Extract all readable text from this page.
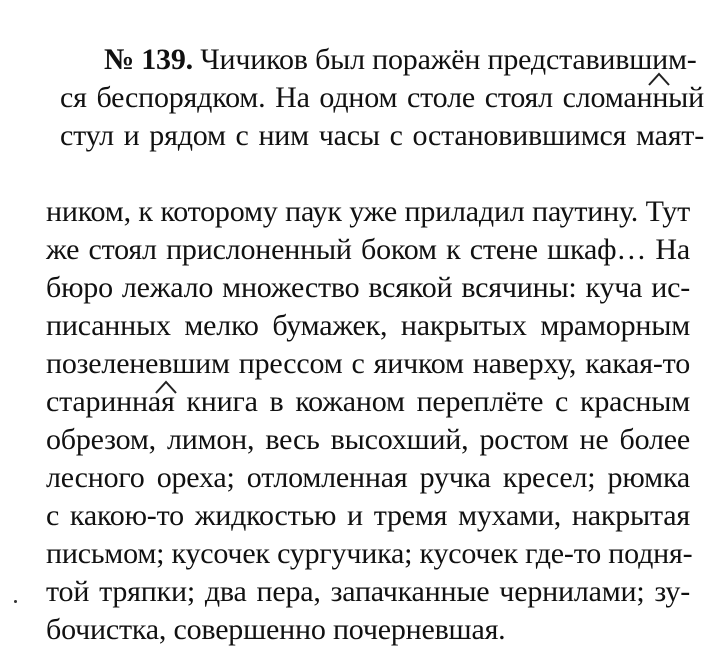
№ 139. Чичиков был поражён представившим-
ся беспорядком. На одном столе стоял сломанный
стул и рядом с ним часы с остановившимся маят-
ником, к которому паук уже приладил паутину. Тут
же стоял прислоненный боком к стене шкаф… На
бюро лежало множество всякой всячины: куча ис-
писанных мелко бумажек, накрытых мраморным
позеленевшим прессом с яичком наверху, какая-то
старинная книга в кожаном переплёте с красным
обрезом, лимон, весь высохший, ростом не более
лесного ореха; отломленная ручка кресел; рюмка
с какою-то жидкостью и тремя мухами, накрытая
письмом; кусочек сургучика; кусочек где-то подня-
той тряпки; два пера, запачканные чернилами; зу-
бочистка, совершенно почерневшая.
